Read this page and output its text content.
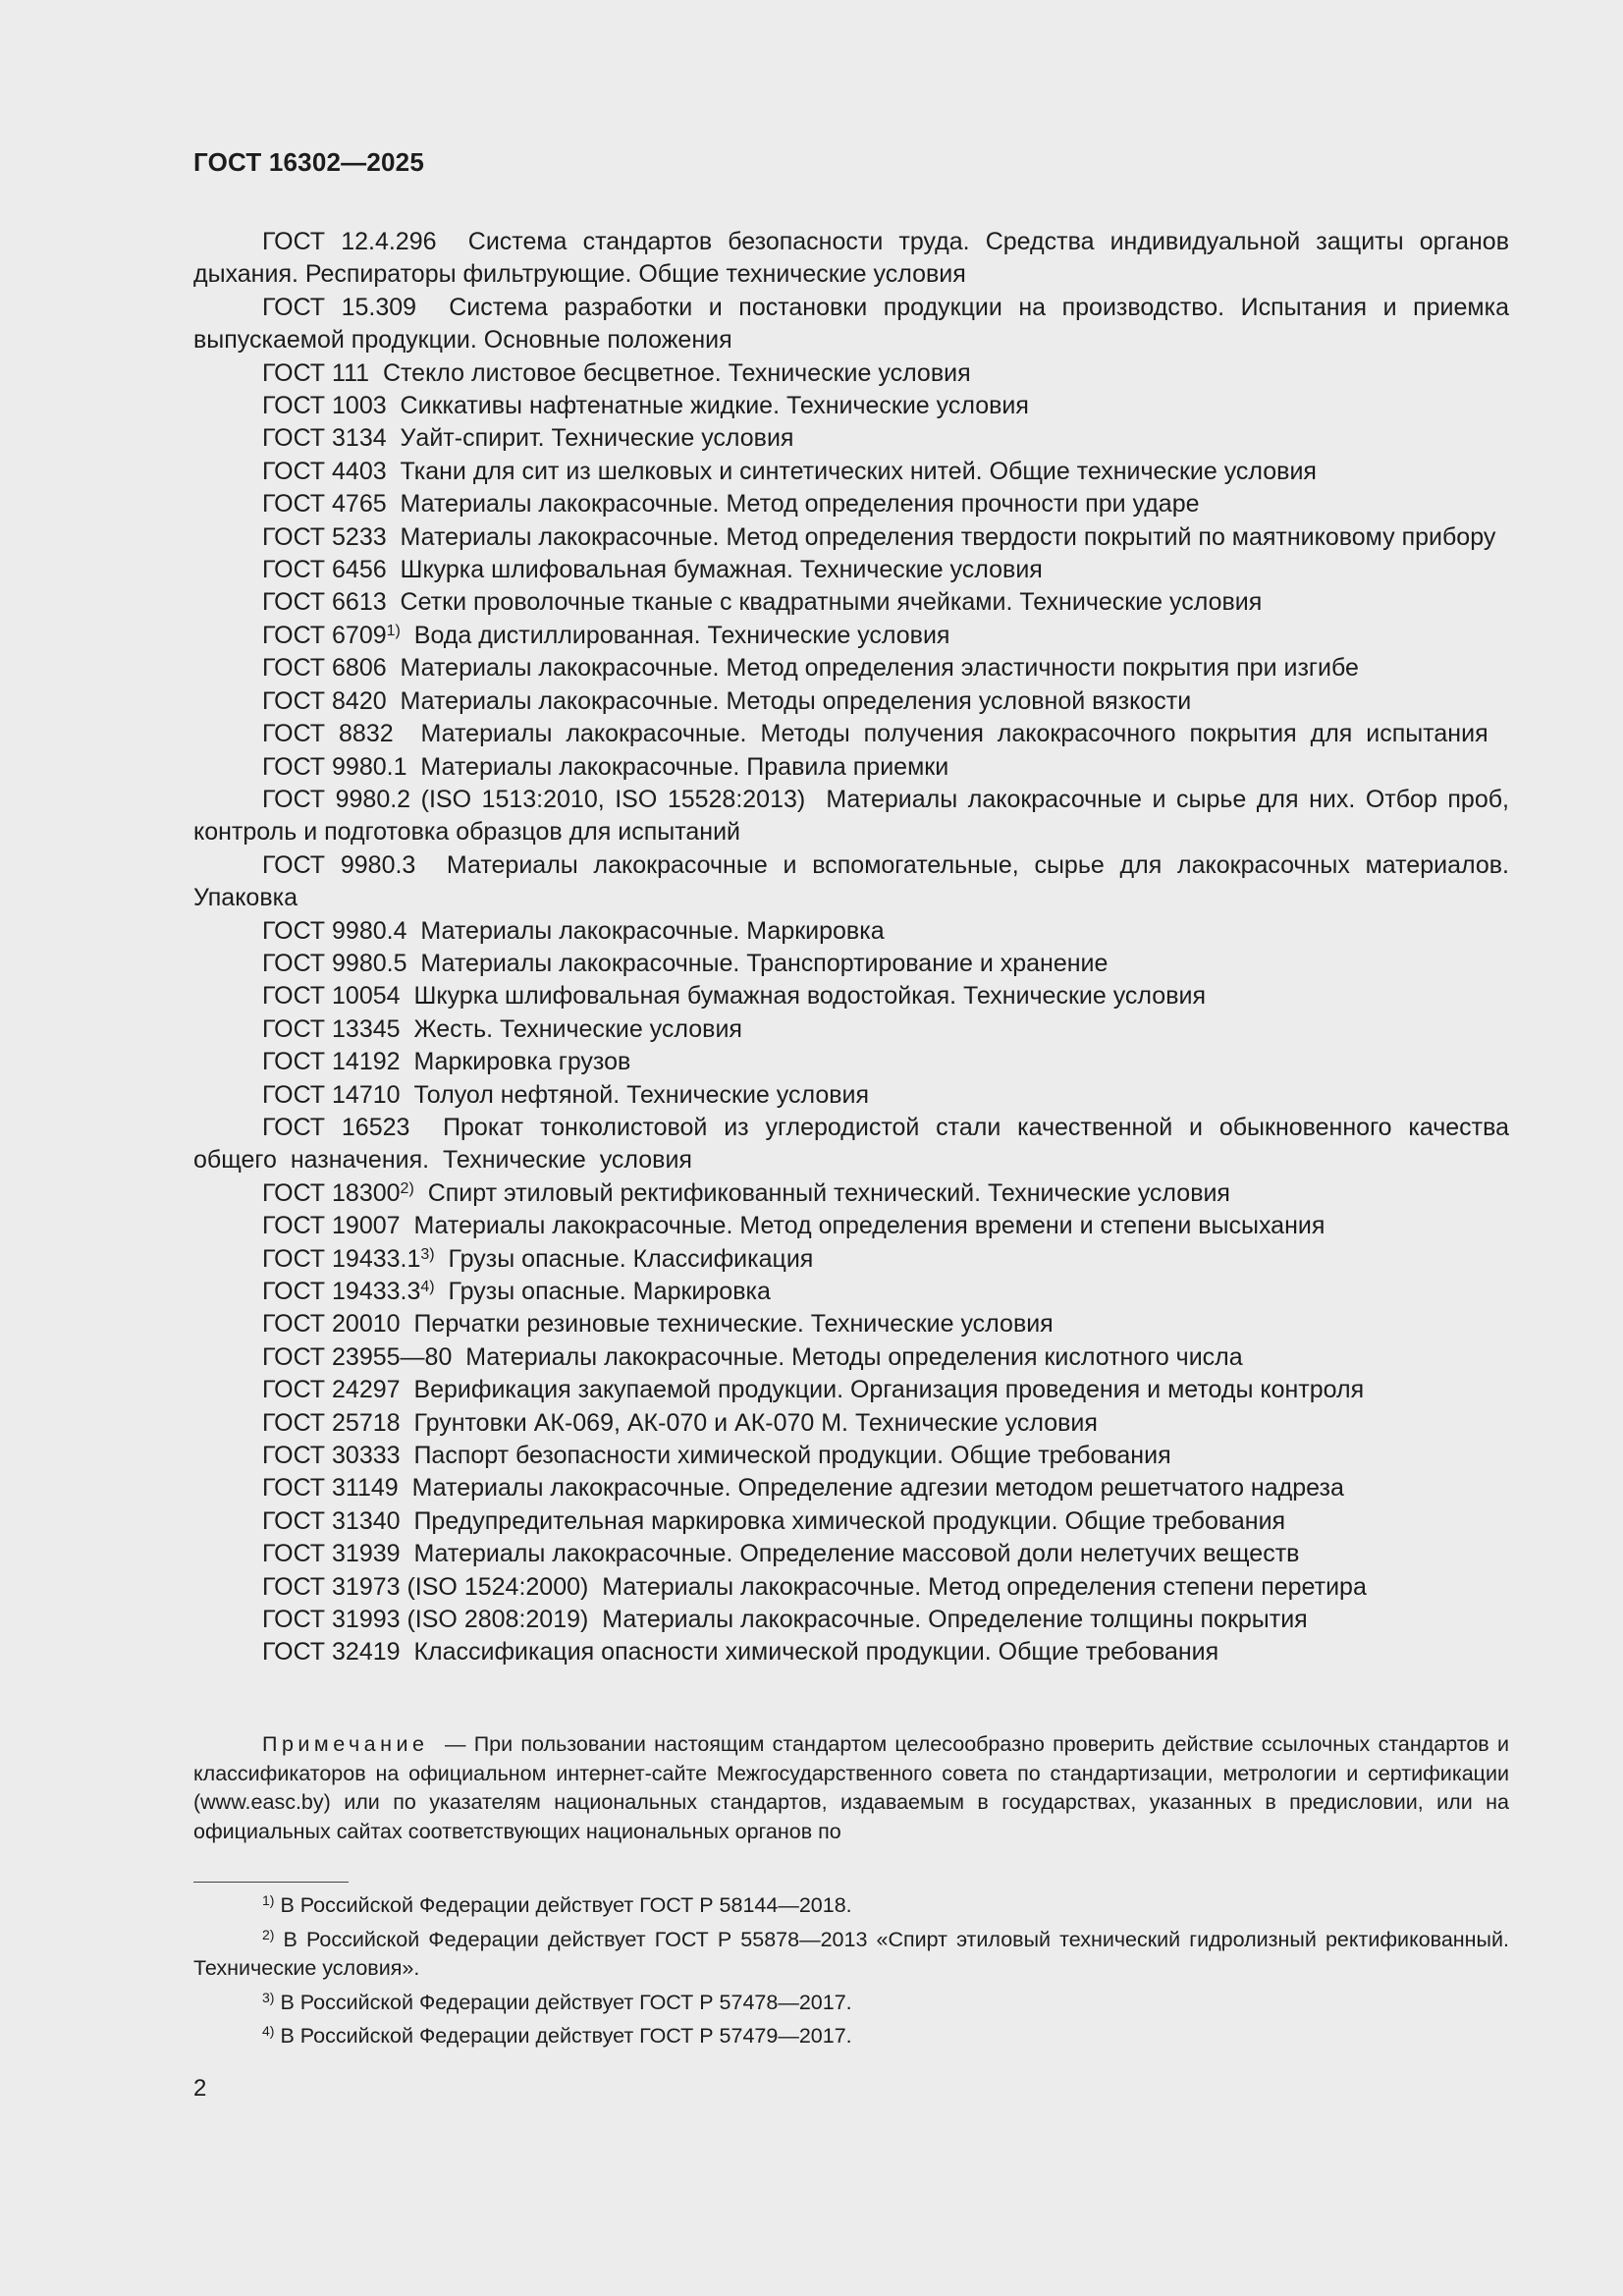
ГОСТ 16302—2025
ГОСТ 12.4.296 Система стандартов безопасности труда. Средства индивидуальной защиты органов дыхания. Респираторы фильтрующие. Общие технические условия
ГОСТ 15.309 Система разработки и постановки продукции на производство. Испытания и приемка выпускаемой продукции. Основные положения
ГОСТ 111 Стекло листовое бесцветное. Технические условия
ГОСТ 1003 Сиккативы нафтенатные жидкие. Технические условия
ГОСТ 3134 Уайт-спирит. Технические условия
ГОСТ 4403 Ткани для сит из шелковых и синтетических нитей. Общие технические условия
ГОСТ 4765 Материалы лакокрасочные. Метод определения прочности при ударе
ГОСТ 5233 Материалы лакокрасочные. Метод определения твердости покрытий по маятниковому прибору
ГОСТ 6456 Шкурка шлифовальная бумажная. Технические условия
ГОСТ 6613 Сетки проволочные тканые с квадратными ячейками. Технические условия
ГОСТ 6709$^{1)}$ Вода дистиллированная. Технические условия
ГОСТ 6806 Материалы лакокрасочные. Метод определения эластичности покрытия при изгибе
ГОСТ 8420 Материалы лакокрасочные. Методы определения условной вязкости
ГОСТ 8832 Материалы лакокрасочные. Методы получения лакокрасочного покрытия для испытания
ГОСТ 9980.1 Материалы лакокрасочные. Правила приемки
ГОСТ 9980.2 (ISO 1513:2010, ISO 15528:2013) Материалы лакокрасочные и сырье для них. Отбор проб, контроль и подготовка образцов для испытаний
ГОСТ 9980.3 Материалы лакокрасочные и вспомогательные, сырье для лакокрасочных материалов. Упаковка
ГОСТ 9980.4 Материалы лакокрасочные. Маркировка
ГОСТ 9980.5 Материалы лакокрасочные. Транспортирование и хранение
ГОСТ 10054 Шкурка шлифовальная бумажная водостойкая. Технические условия
ГОСТ 13345 Жесть. Технические условия
ГОСТ 14192 Маркировка грузов
ГОСТ 14710 Толуол нефтяной. Технические условия
ГОСТ 16523 Прокат тонколистовой из углеродистой стали качественной и обыкновенного качества общего назначения. Технические условия
ГОСТ 18300$^{2)}$ Спирт этиловый ректификованный технический. Технические условия
ГОСТ 19007 Материалы лакокрасочные. Метод определения времени и степени высыхания
ГОСТ 19433.1$^{3)}$ Грузы опасные. Классификация
ГОСТ 19433.3$^{4)}$ Грузы опасные. Маркировка
ГОСТ 20010 Перчатки резиновые технические. Технические условия
ГОСТ 23955—80 Материалы лакокрасочные. Методы определения кислотного числа
ГОСТ 24297 Верификация закупаемой продукции. Организация проведения и методы контроля
ГОСТ 25718 Грунтовки АК-069, АК-070 и АК-070 М. Технические условия
ГОСТ 30333 Паспорт безопасности химической продукции. Общие требования
ГОСТ 31149 Материалы лакокрасочные. Определение адгезии методом решетчатого надреза
ГОСТ 31340 Предупредительная маркировка химической продукции. Общие требования
ГОСТ 31939 Материалы лакокрасочные. Определение массовой доли нелетучих веществ
ГОСТ 31973 (ISO 1524:2000) Материалы лакокрасочные. Метод определения степени перетира
ГОСТ 31993 (ISO 2808:2019) Материалы лакокрасочные. Определение толщины покрытия
ГОСТ 32419 Классификация опасности химической продукции. Общие требования

Примечание — При пользовании настоящим стандартом целесообразно проверить действие ссылочных стандартов и классификаторов на официальном интернет-сайте Межгосударственного совета по стандартизации, метрологии и сертификации (www.easc.by) или по указателям национальных стандартов, издаваемым в государствах, указанных в предисловии, или на официальных сайтах соответствующих национальных органов по

$^{1)}$ В Российской Федерации действует ГОСТ Р 58144—2018.
$^{2)}$ В Российской Федерации действует ГОСТ Р 55878—2013 «Спирт этиловый технический гидролизный ректификованный. Технические условия».
$^{3)}$ В Российской Федерации действует ГОСТ Р 57478—2017.
$^{4)}$ В Российской Федерации действует ГОСТ Р 57479—2017.
2
